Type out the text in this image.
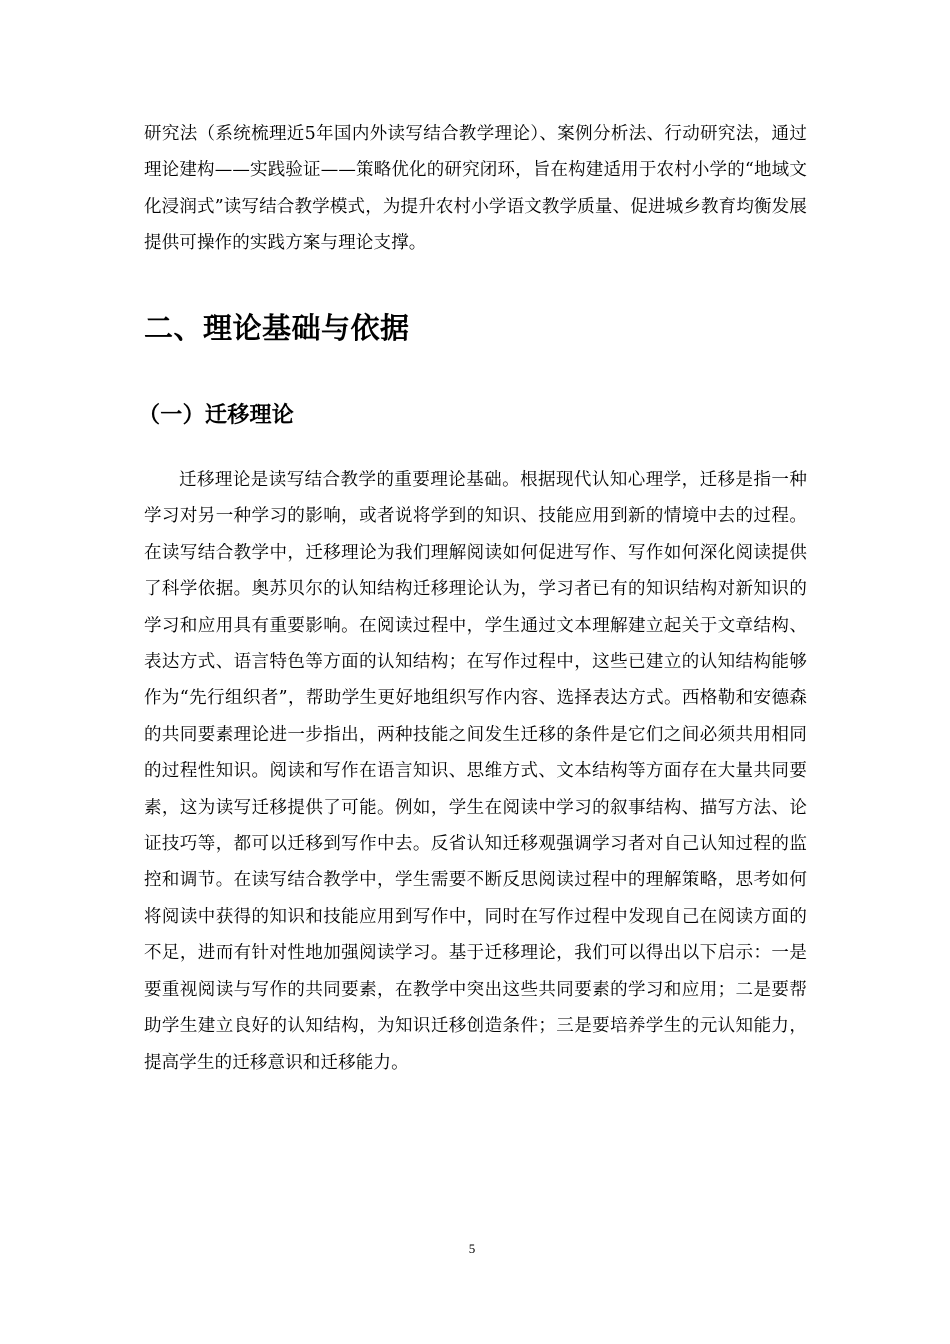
研究法（系统梳理近5年国内外读写结合教学理论）、案例分析法、行动研究法，通过理论建构——实践验证——策略优化的研究闭环，旨在构建适用于农村小学的“地域文化浸润式”读写结合教学模式，为提升农村小学语文教学质量、促进城乡教育均衡发展提供可操作的实践方案与理论支撑。

二、理论基础与依据
（一）迁移理论

迁移理论是读写结合教学的重要理论基础。根据现代认知心理学，迁移是指一种学习对另一种学习的影响，或者说将学到的知识、技能应用到新的情境中去的过程。在读写结合教学中，迁移理论为我们理解阅读如何促进写作、写作如何深化阅读提供了科学依据。奥苏贝尔的认知结构迁移理论认为，学习者已有的知识结构对新知识的学习和应用具有重要影响。在阅读过程中，学生通过文本理解建立起关于文章结构、表达方式、语言特色等方面的认知结构；在写作过程中，这些已建立的认知结构能够作为“先行组织者”，帮助学生更好地组织写作内容、选择表达方式。西格勒和安德森的共同要素理论进一步指出，两种技能之间发生迁移的条件是它们之间必须共用相同的过程性知识。阅读和写作在语言知识、思维方式、文本结构等方面存在大量共同要素，这为读写迁移提供了可能。例如，学生在阅读中学习的叙事结构、描写方法、论证技巧等，都可以迁移到写作中去。反省认知迁移观强调学习者对自己认知过程的监控和调节。在读写结合教学中，学生需要不断反思阅读过程中的理解策略，思考如何将阅读中获得的知识和技能应用到写作中，同时在写作过程中发现自己在阅读方面的不足，进而有针对性地加强阅读学习。基于迁移理论，我们可以得出以下启示：一是要重视阅读与写作的共同要素，在教学中突出这些共同要素的学习和应用；二是要帮助学生建立良好的认知结构，为知识迁移创造条件；三是要培养学生的元认知能力，提高学生的迁移意识和迁移能力。

5
